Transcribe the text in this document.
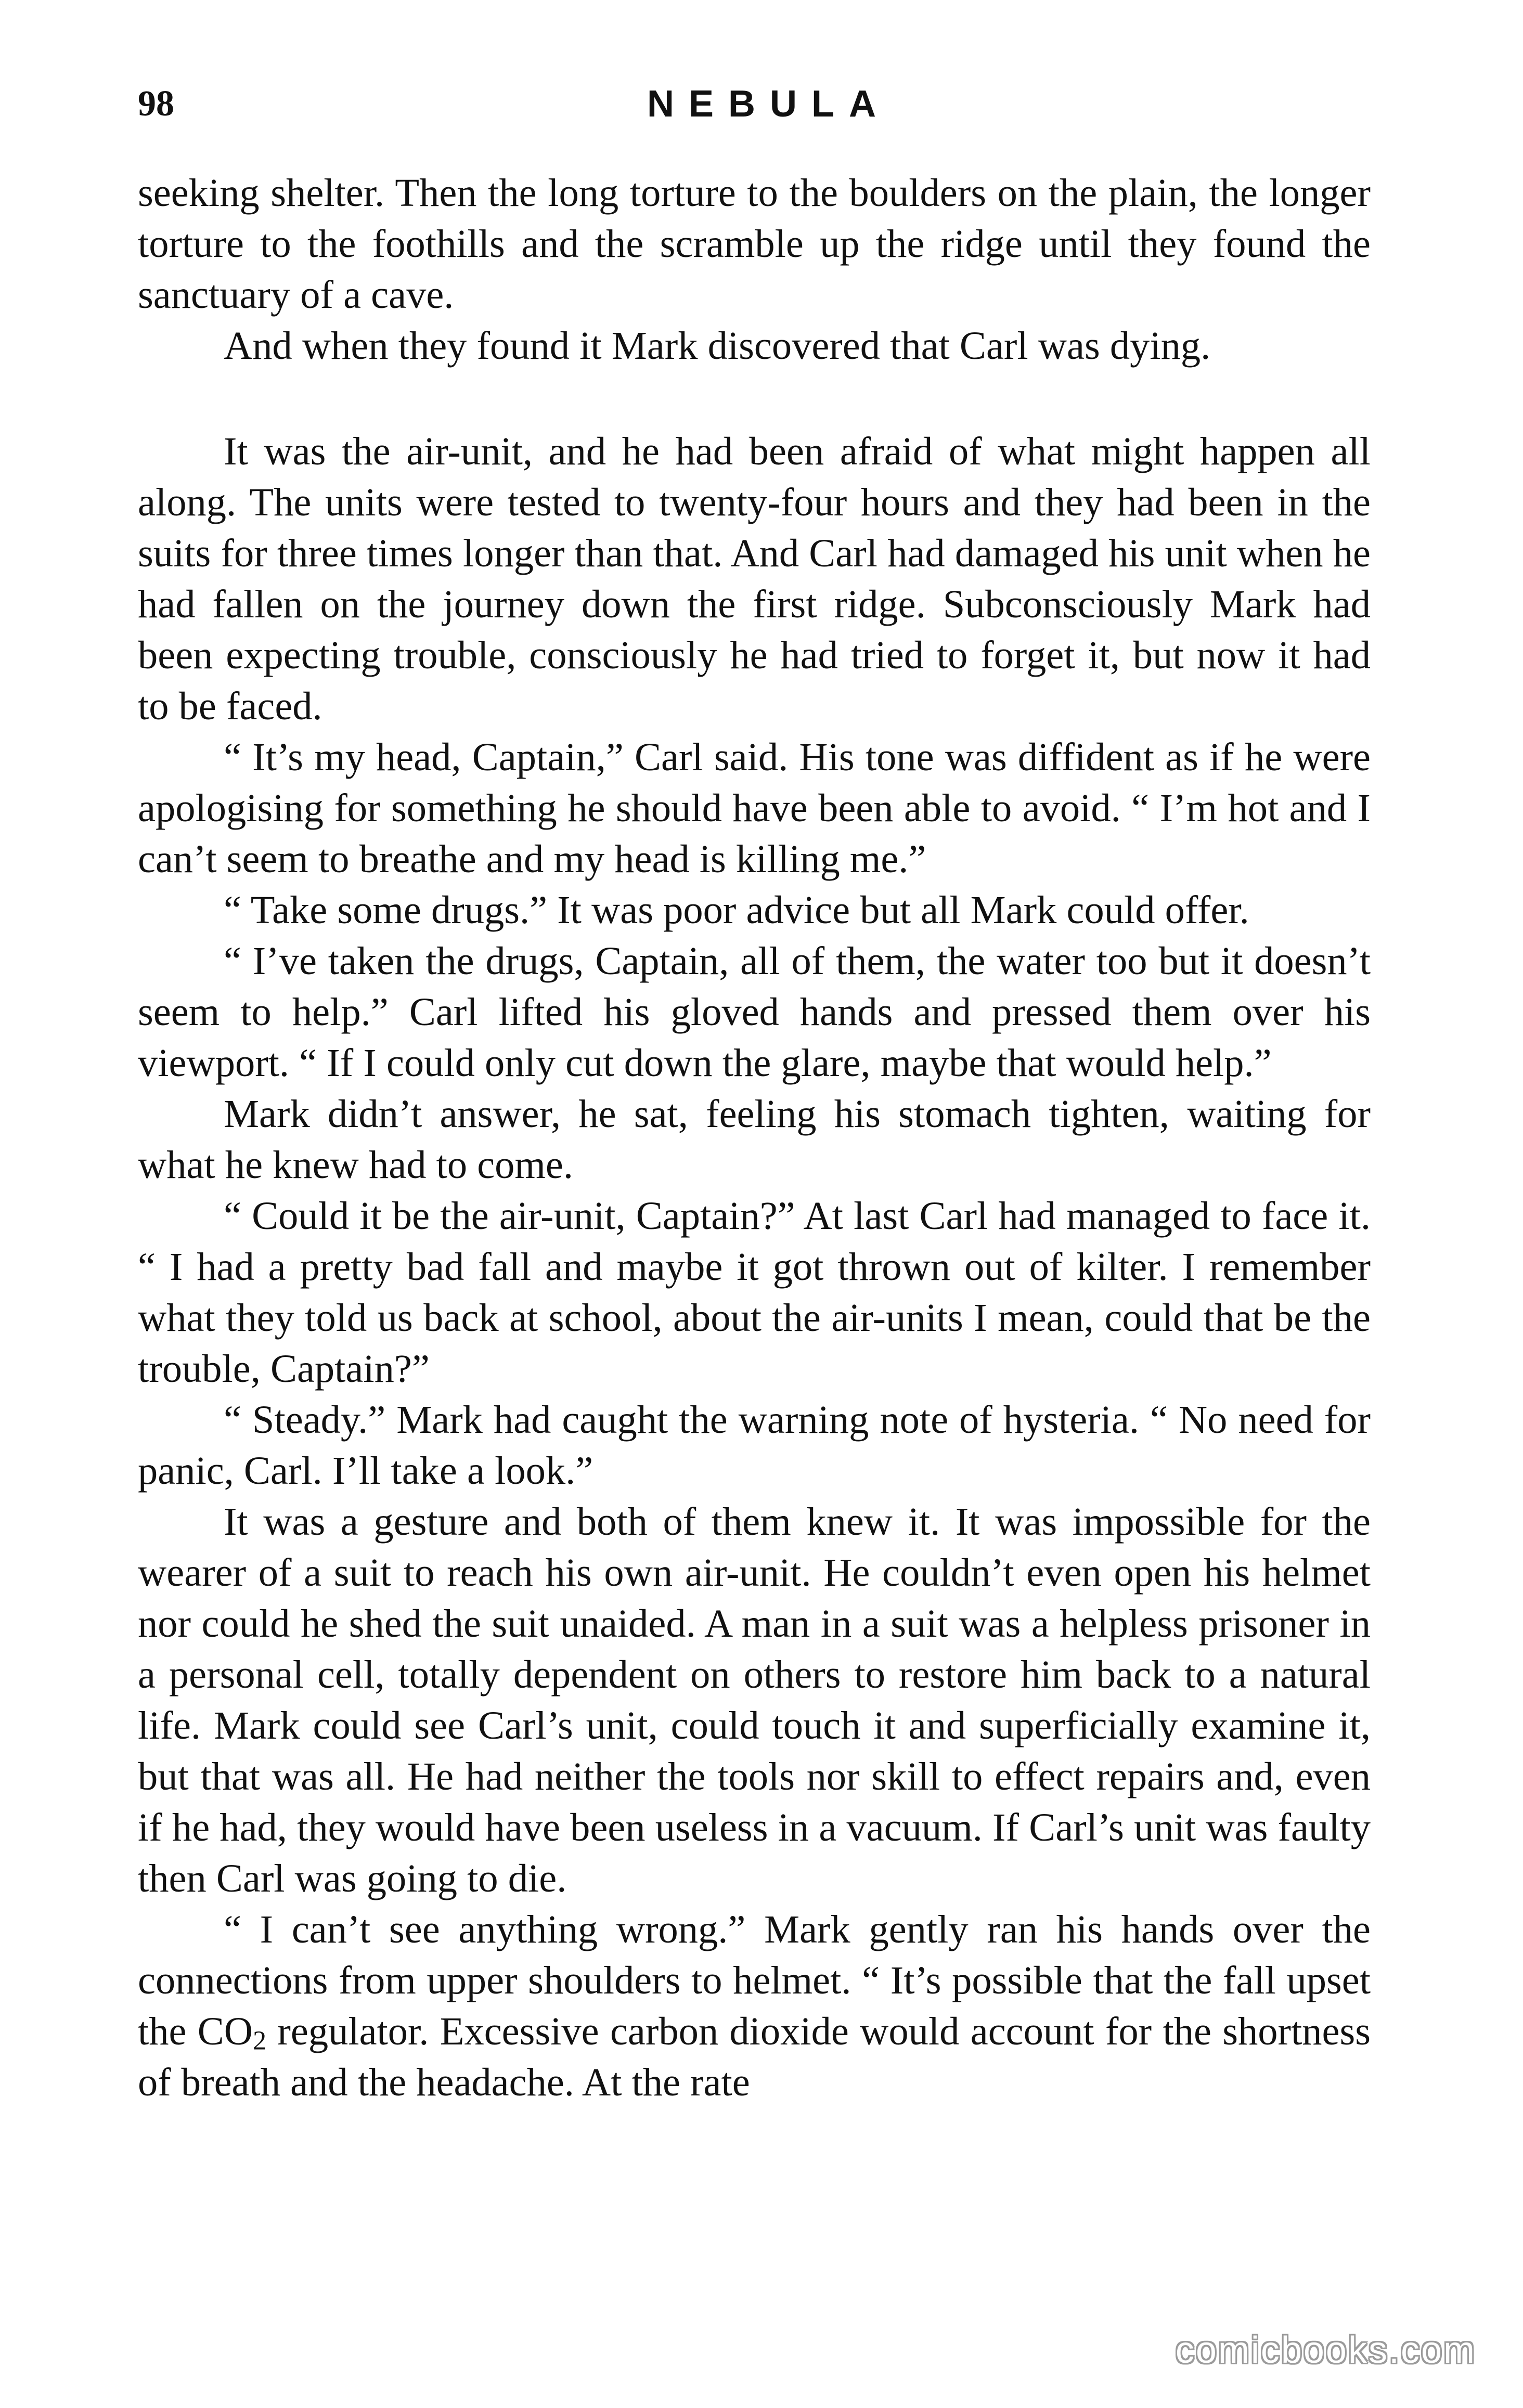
98	NEBULA

seeking shelter. Then the long torture to the boulders on the plain, the longer torture to the foothills and the scramble up the ridge until they found the sanctuary of a cave.

And when they found it Mark discovered that Carl was dying.

It was the air-unit, and he had been afraid of what might happen all along. The units were tested to twenty-four hours and they had been in the suits for three times longer than that. And Carl had damaged his unit when he had fallen on the journey down the first ridge. Subconsciously Mark had been expecting trouble, consciously he had tried to forget it, but now it had to be faced.

“ It’s my head, Captain,” Carl said. His tone was diffident as if he were apologising for something he should have been able to avoid. “ I’m hot and I can’t seem to breathe and my head is killing me.”

“ Take some drugs.” It was poor advice but all Mark could offer.

“ I’ve taken the drugs, Captain, all of them, the water too but it doesn’t seem to help.” Carl lifted his gloved hands and pressed them over his viewport. “ If I could only cut down the glare, maybe that would help.”

Mark didn’t answer, he sat, feeling his stomach tighten, waiting for what he knew had to come.

“ Could it be the air-unit, Captain?” At last Carl had managed to face it. “ I had a pretty bad fall and maybe it got thrown out of kilter. I remember what they told us back at school, about the air-units I mean, could that be the trouble, Captain?”

“ Steady.” Mark had caught the warning note of hysteria. “ No need for panic, Carl. I’ll take a look.”

It was a gesture and both of them knew it. It was impossible for the wearer of a suit to reach his own air-unit. He couldn’t even open his helmet nor could he shed the suit unaided. A man in a suit was a helpless prisoner in a personal cell, totally dependent on others to restore him back to a natural life. Mark could see Carl’s unit, could touch it and superficially examine it, but that was all. He had neither the tools nor skill to effect repairs and, even if he had, they would have been useless in a vacuum. If Carl’s unit was faulty then Carl was going to die.

“ I can’t see anything wrong.” Mark gently ran his hands over the connections from upper shoulders to helmet. “ It’s possible that the fall upset the $CO_2$ regulator. Excessive carbon dioxide would account for the shortness of breath and the headache. At the rate

comicbooks.com
